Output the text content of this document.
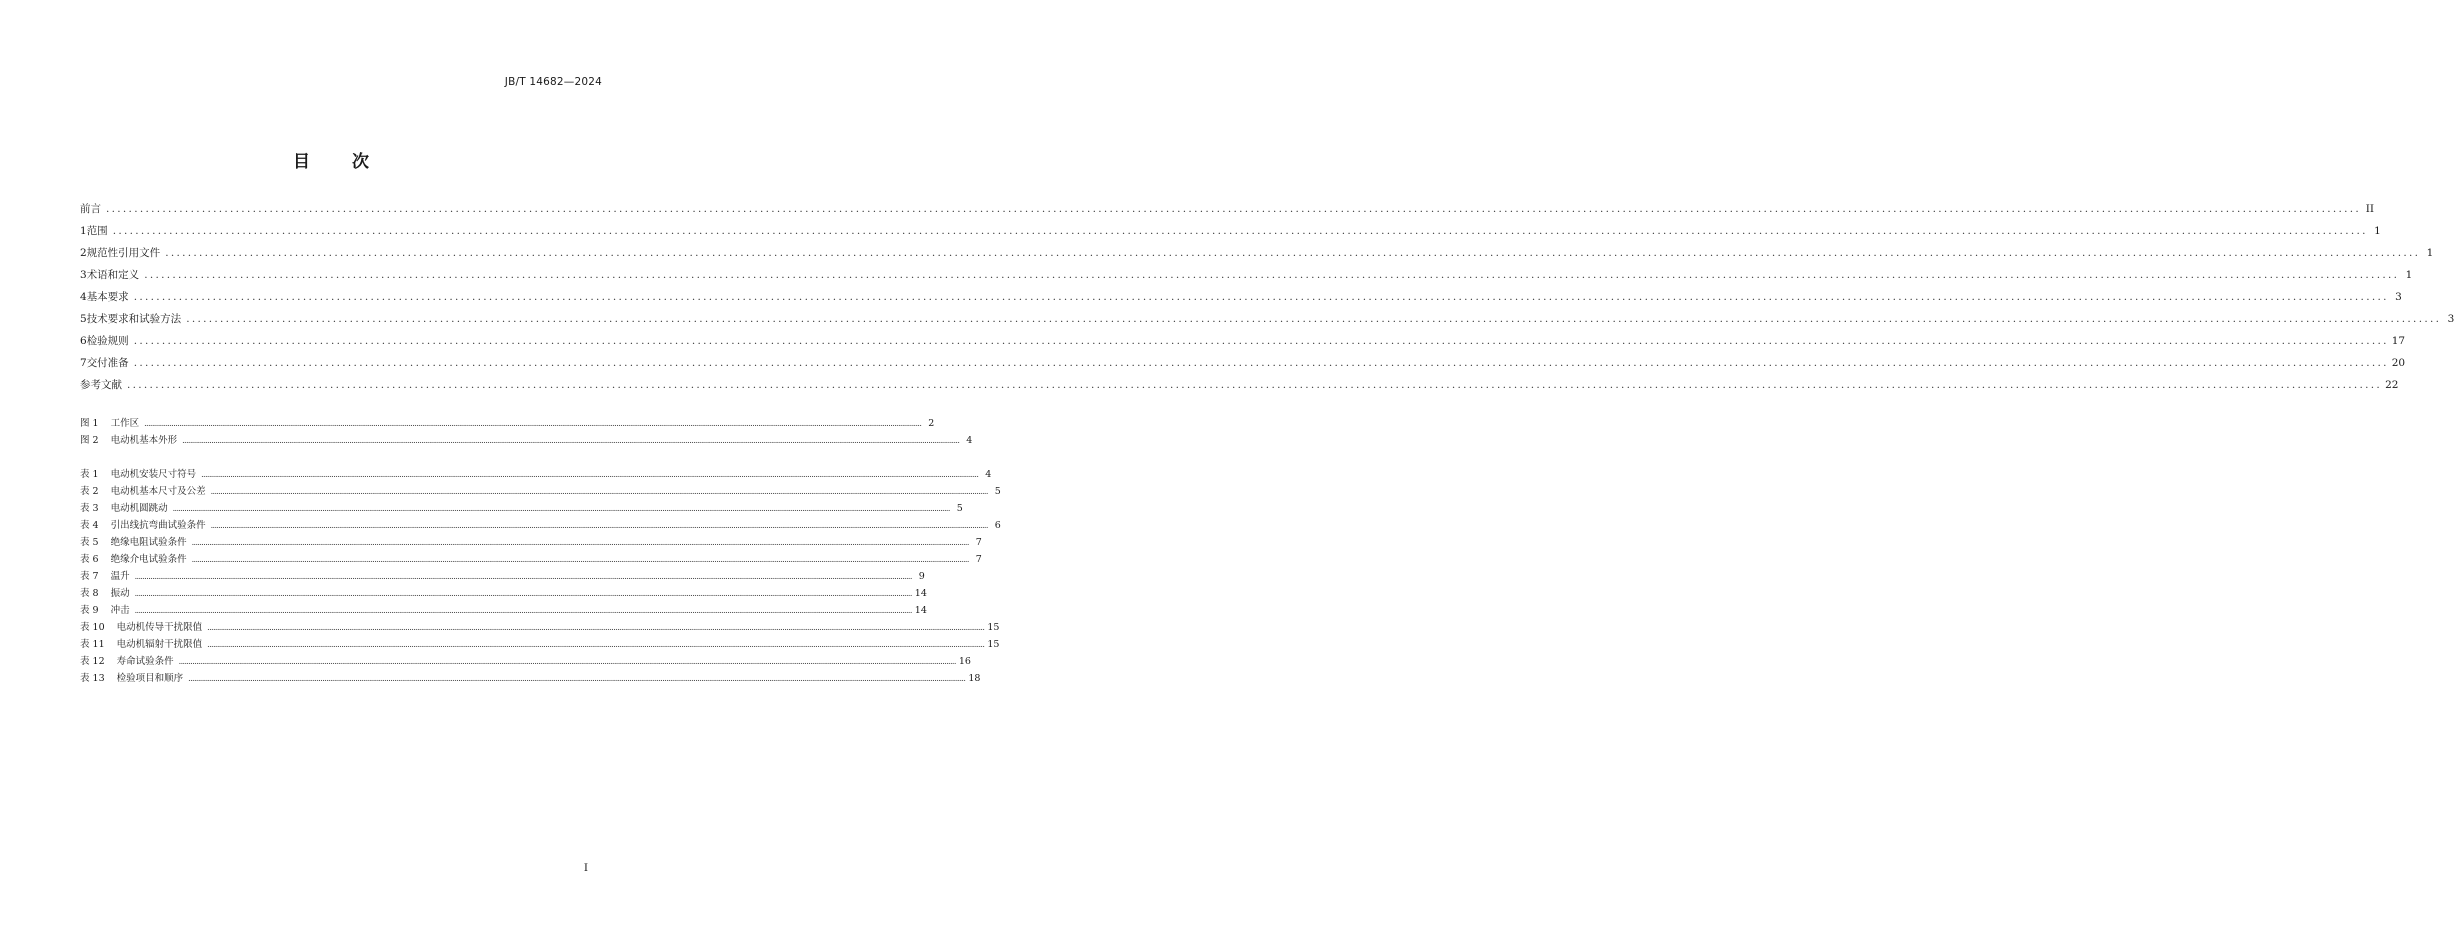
JB/T 14682—2024
目 次
前言 ................................................................................................................................................................................................................................................................................................................................................................................................................ II
1 范围 ................................................................................................................................................................................................................................................................................................................................................................................................................ 1
2 规范性引用文件 ................................................................................................................................................................................................................................................................................................................................................................................................................ 1
3 术语和定义 ................................................................................................................................................................................................................................................................................................................................................................................................................ 1
4 基本要求 ................................................................................................................................................................................................................................................................................................................................................................................................................ 3
5 技术要求和试验方法 ................................................................................................................................................................................................................................................................................................................................................................................................................ 3
6 检验规则 ................................................................................................................................................................................................................................................................................................................................................................................................................ 17
7 交付准备 ................................................................................................................................................................................................................................................................................................................................................................................................................ 20
参考文献 ................................................................................................................................................................................................................................................................................................................................................................................................................ 22
图 1 工作区 ................................................................................................................................................................................................................................................................................................................................................................................................................ 2
图 2 电动机基本外形 ................................................................................................................................................................................................................................................................................................................................................................................................................ 4
表 1 电动机安装尺寸符号 ................................................................................................................................................................................................................................................................................................................................................................................................................ 4
表 2 电动机基本尺寸及公差 ................................................................................................................................................................................................................................................................................................................................................................................................................ 5
表 3 电动机圆跳动 ................................................................................................................................................................................................................................................................................................................................................................................................................ 5
表 4 引出线抗弯曲试验条件 ................................................................................................................................................................................................................................................................................................................................................................................................................ 6
表 5 绝缘电阻试验条件 ................................................................................................................................................................................................................................................................................................................................................................................................................ 7
表 6 绝缘介电试验条件 ................................................................................................................................................................................................................................................................................................................................................................................................................ 7
表 7 温升 ................................................................................................................................................................................................................................................................................................................................................................................................................ 9
表 8 振动 ................................................................................................................................................................................................................................................................................................................................................................................................................ 14
表 9 冲击 ................................................................................................................................................................................................................................................................................................................................................................................................................ 14
表 10 电动机传导干扰限值 ................................................................................................................................................................................................................................................................................................................................................................................................................ 15
表 11 电动机辐射干扰限值 ................................................................................................................................................................................................................................................................................................................................................................................................................ 15
表 12 寿命试验条件 ................................................................................................................................................................................................................................................................................................................................................................................................................ 16
表 13 检验项目和顺序 ................................................................................................................................................................................................................................................................................................................................................................................................................ 18
I
